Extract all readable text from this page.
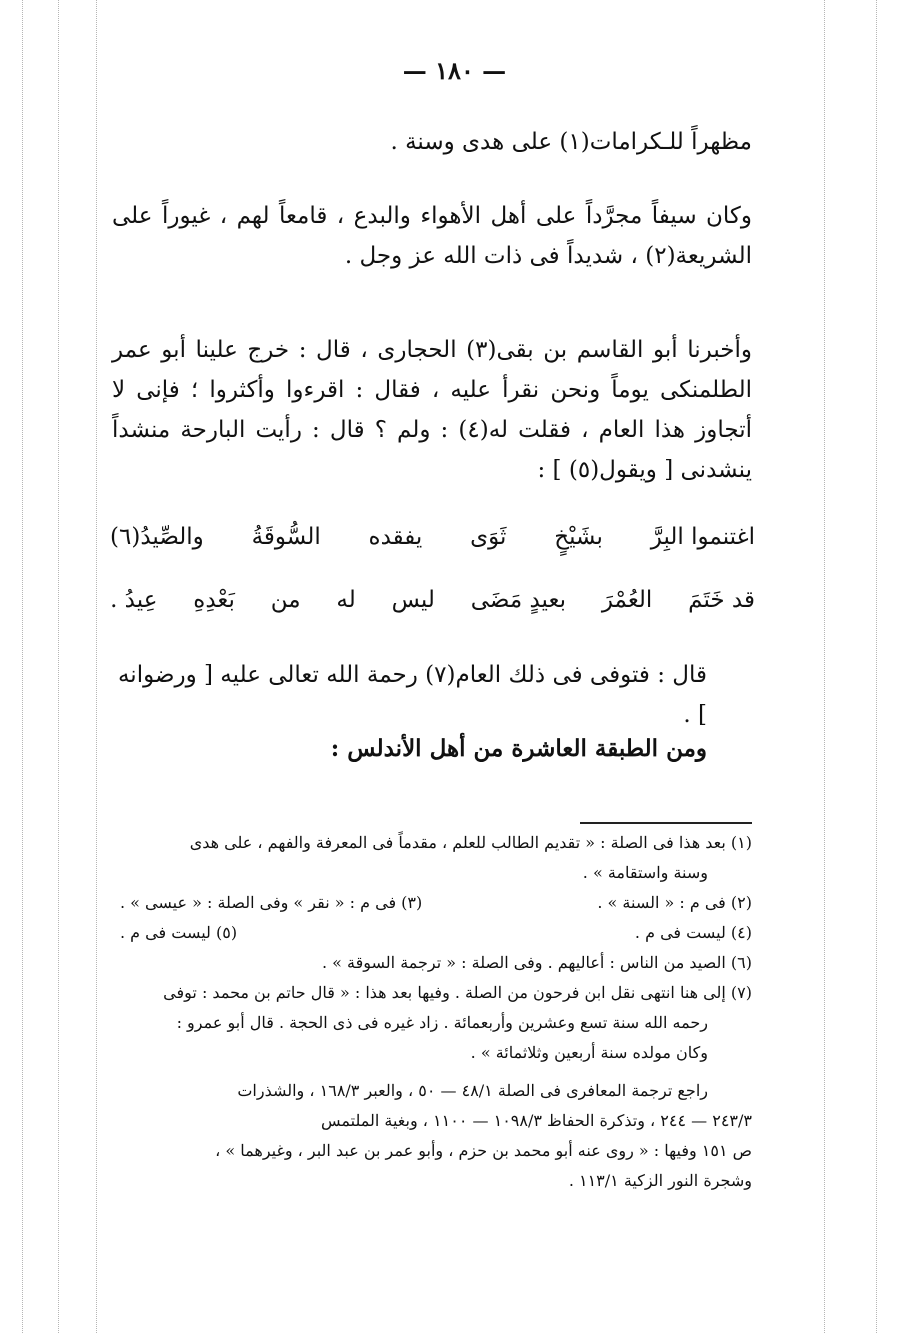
— ١٨٠ —
مظهراً للـكرامات(١) على هدى وسنة .
وكان سيفاً مجرَّداً على أهل الأهواء والبدع ، قامعاً لهم ، غيوراً على الشريعة(٢) ، شديداً فى ذات الله عز وجل .
وأخبرنا أبو القاسم بن بقى(٣) الحجارى ، قال : خرج علينا أبو عمر الطلمنكى يوماً ونحن نقرأ عليه ، فقال : اقرءوا وأكثروا ؛ فإنى لا أتجاوز هذا العام ، فقلت له(٤) : ولم ؟ قال : رأيت البارحة منشداً ينشدنى [ ويقول(٥) ] :
اغتنموا البِرَّ
بشَيْخٍ
ثَوَى
يفقده
السُّوقَةُ
والصِّيدُ(٦)
قد خَتَمَ
العُمْرَ
بعيدٍ مَضَى
ليس
له
من
بَعْدِهِ
عِيدُ .
قال : فتوفى فى ذلك العام(٧) رحمة الله تعالى عليه [ ورضوانه ] .
ومن الطبقة العاشرة من أهل الأندلس :

(١) بعد هذا فى الصلة : « تقديم الطالب للعلم ، مقدماً فى المعرفة والفهم ، على هدى

وسنة واستقامة » .

(٢) فى م : « السنة » .
(٣) فى م : « نقر » وفى الصلة : « عيسى » .
(٤) ليست فى م .
(٥) ليست فى م .

(٦) الصيد من الناس : أعاليهم . وفى الصلة : « ترجمة السوقة » .

(٧) إلى هنا انتهى نقل ابن فرحون من الصلة . وفيها بعد هذا : « قال حاتم بن محمد : توفى

رحمه الله سنة تسع وعشرين وأربعمائة . زاد غيره فى ذى الحجة . قال أبو عمرو :

وكان مولده سنة أربعين وثلاثمائة » .

راجع ترجمة المعافرى فى الصلة ٤٨/١ — ٥٠ ، والعبر ١٦٨/٣ ، والشذرات

٢٤٣/٣ — ٢٤٤ ، وتذكرة الحفاظ ١٠٩٨/٣ — ١١٠٠ ، وبغية الملتمس

ص ١٥١ وفيها : « روى عنه أبو محمد بن حزم ، وأبو عمر بن عبد البر ، وغيرهما » ،

وشجرة النور الزكية ١١٣/١ .
